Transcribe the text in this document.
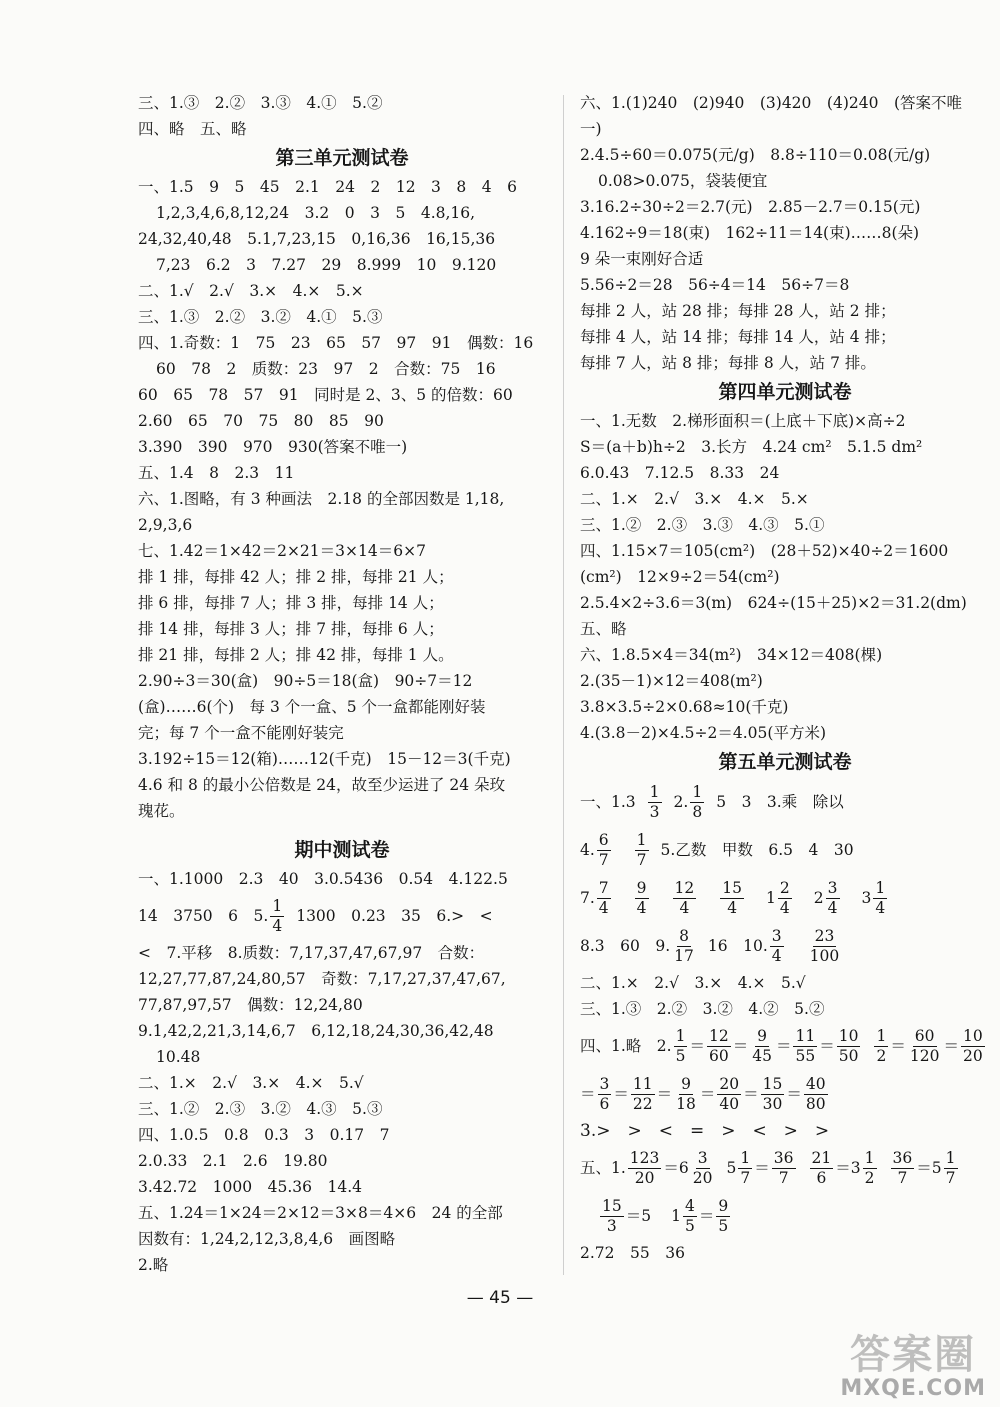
三、1.③　2.②　3.③　4.①　5.②
四、略　五、略
第三单元测试卷
一、1.5　9　5　45　2.1　24　2　12　3　8　4　6
1,2,3,4,6,8,12,24　3.2　0　3　5　4.8,16,
24,32,40,48　5.1,7,23,15　0,16,36　16,15,36
7,23　6.2　3　7.27　29　8.999　10　9.120
二、1.√　2.√　3.×　4.×　5.×
三、1.③　2.②　3.②　4.①　5.③
四、1.奇数：1　75　23　65　57　97　91　偶数：16
60　78　2　质数：23　97　2　合数：75　16
60　65　78　57　91　同时是 2、3、5 的倍数：60
2.60　65　70　75　80　85　90
3.390　390　970　930(答案不唯一)
五、1.4　8　2.3　11
六、1.图略，有 3 种画法　2.18 的全部因数是 1,18,
2,9,3,6
七、1.42＝1×42＝2×21＝3×14＝6×7
排 1 排，每排 42 人；排 2 排，每排 21 人；
排 6 排，每排 7 人；排 3 排，每排 14 人；
排 14 排，每排 3 人；排 7 排，每排 6 人；
排 21 排，每排 2 人；排 42 排，每排 1 人。
2.90÷3＝30(盒)　90÷5＝18(盒)　90÷7＝12
(盒)……6(个)　每 3 个一盒、5 个一盒都能刚好装
完；每 7 个一盒不能刚好装完
3.192÷15＝12(箱)……12(千克)　15－12＝3(千克)
4.6 和 8 的最小公倍数是 24，故至少运进了 24 朵玫
瑰花。
期中测试卷
一、1.1000　2.3　40　3.0.5436　0.54　4.122.5
14　3750　6　5. $\frac{1}{4} 1300$　0.23　35　6.>　<
<　7.平移　8.质数：7,17,37,47,67,97　合数：
12,27,77,87,24,80,57　奇数：7,17,27,37,47,67,
77,87,97,57　偶数：12,24,80
9.1,42,2,21,3,14,6,7　6,12,18,24,30,36,42,48
10.48
二、1.×　2.√　3.×　4.×　5.√
三、1.②　2.③　3.②　4.③　5.③
四、1.0.5　0.8　0.3　3　0.17　7
2.0.33　2.1　2.6　19.80
3.42.72　1000　45.36　14.4
五、1.24＝1×24＝2×12＝3×8＝4×6　24 的全部
因数有：1,24,2,12,3,8,4,6　画图略
2.略
六、1.(1)240　(2)940　(3)420　(4)240　(答案不唯
一)
2.4.5÷60＝0.075(元/g)　8.8÷110＝0.08(元/g)
0.08>0.075，袋装便宜
3.16.2÷30÷2＝2.7(元)　2.85－2.7＝0.15(元)
4.162÷9＝18(束)　162÷11＝14(束)……8(朵)
9 朵一束刚好合适
5.56÷2＝28　56÷4＝14　56÷7＝8
每排 2 人，站 28 排；每排 28 人，站 2 排；
每排 4 人，站 14 排；每排 14 人，站 4 排；
每排 7 人，站 8 排；每排 8 人，站 7 排。
第四单元测试卷
一、1.无数　2.梯形面积＝(上底＋下底)×高÷2
S＝(a＋b)h÷2　3.长方　4.24 cm²　5.1.5 dm²
6.0.43　7.12.5　8.33　24
二、1.×　2.√　3.×　4.×　5.×
三、1.②　2.③　3.③　4.③　5.①
四、1.15×7＝105(cm²)　(28＋52)×40÷2＝1600
(cm²)　12×9÷2＝54(cm²)
2.5.4×2÷3.6＝3(m)　624÷(15＋25)×2＝31.2(dm)
五、略
六、1.8.5×4＝34(m²)　34×12＝408(棵)
2.(35－1)×12＝408(m²)
3.8×3.5÷2×0.68≈10(千克)
4.(3.8－2)×4.5÷2＝4.05(平方米)
第五单元测试卷
一、$1.3 \frac{1}{3} 2$. $\frac{1}{8} 5$　3　3.乘　除以
4. $\frac{6}{7} \frac{1}{7} 5$.乙数　甲数　6.5　4　30
7. $\frac{7}{4} \frac{9}{4} \frac{12}{4} \frac{15}{4} 1 \frac{2}{4} 2 \frac{3}{4} 3 \frac{1}{4}$
8.3　60　9. $\frac{8}{17} 16$　10. $\frac{3}{4} \frac{23}{100}$
二、1.×　2.√　3.×　4.×　5.√
三、1.③　2.②　3.②　4.②　5.②
四、1.略　2. $\frac{1}{5} = \frac{12}{60} = \frac{9}{45} = \frac{11}{55} = \frac{10}{50} \frac{1}{2} = \frac{60}{120} = \frac{10}{20}$
＝ $\frac{3}{6} = \frac{11}{22} = \frac{9}{18} = \frac{20}{40} = \frac{15}{30} = \frac{40}{80}$
3.>　>　<　=　>　<　>　>
五、1. $\frac{123}{20} = 6 \frac{3}{20} 5 \frac{1}{7} = \frac{36}{7} \frac{21}{6} = 3 \frac{1}{2} \frac{36}{7} = 5 \frac{1}{7}$
$\frac{15}{3} = 5$ $1 \frac{4}{5} = \frac{9}{5}$
2.72　55　36
— 45 —
答案圈
MXQE.COM
